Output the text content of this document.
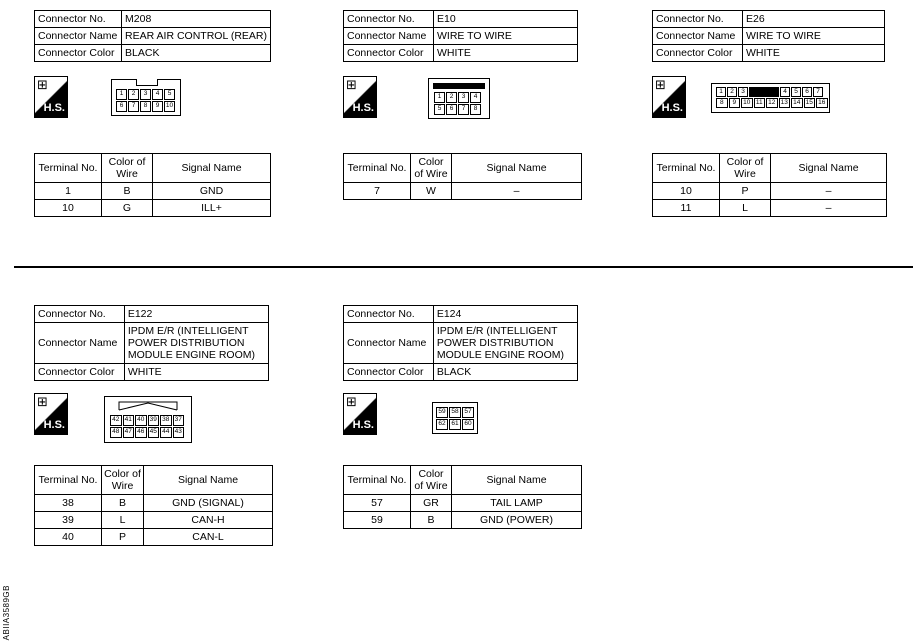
Connector No.	M208
Connector Name	REAR AIR CONTROL (REAR)
Connector Color	BLACK
⊞
H.S.
1	2	3	4	5
6	7	8	9	10
Terminal No.	Color of Wire	Signal Name
1	B	GND
10	G	ILL+
Connector No.	E10
Connector Name	WIRE TO WIRE
Connector Color	WHITE
⊞
H.S.
1	2	3	4
5	6	7	8
Terminal No.	Color of Wire	Signal Name
7	W	–
Connector No.	E26
Connector Name	WIRE TO WIRE
Connector Color	WHITE
⊞
H.S.
1	2	3	4	5	6	7
8	9	10 11 12 13 14 15 16
Terminal No.	Color of Wire	Signal Name
10	P	–
11	L	–
Connector No.	E122
Connector Name	IPDM E/R (INTELLIGENT POWER DISTRIBUTION MODULE ENGINE ROOM)
Connector Color	WHITE
⊞
H.S.	42 41 40 39 38 37
48 47 46 45 44 43
Terminal No.	Color of Wire	Signal Name
38	B	GND (SIGNAL)
39	L	CAN-H
40	P	CAN-L
Connector No.	E124
Connector Name	IPDM E/R (INTELLIGENT POWER DISTRIBUTION MODULE ENGINE ROOM)
Connector Color	BLACK
⊞
H.S.
59 58 57
62 61 60
Terminal No.	Color of Wire	Signal Name
57	GR	TAIL LAMP
59	B	GND (POWER)
ABIIA3589GB
